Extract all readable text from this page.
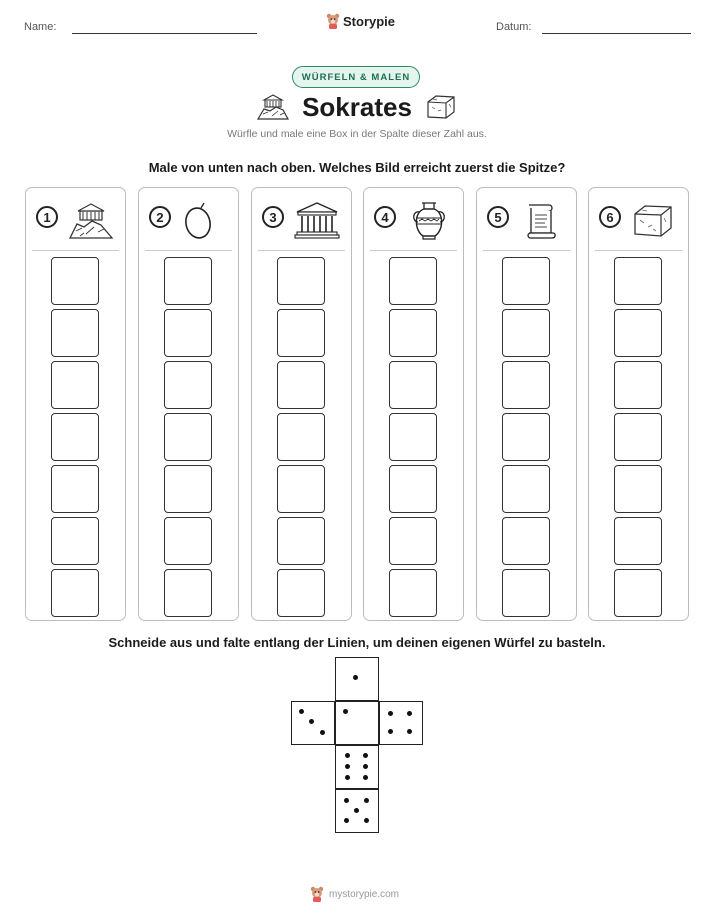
Name:	Storypie	Datum:
WÜRFELN & MALEN
Sokrates
Würfle und male eine Box in der Spalte dieser Zahl aus.
Male von unten nach oben. Welches Bild erreicht zuerst die Spitze?
1	2	3	4	5	6
Schneide aus und falte entlang der Linien, um deinen eigenen Würfel zu basteln.
mystorypie.com
